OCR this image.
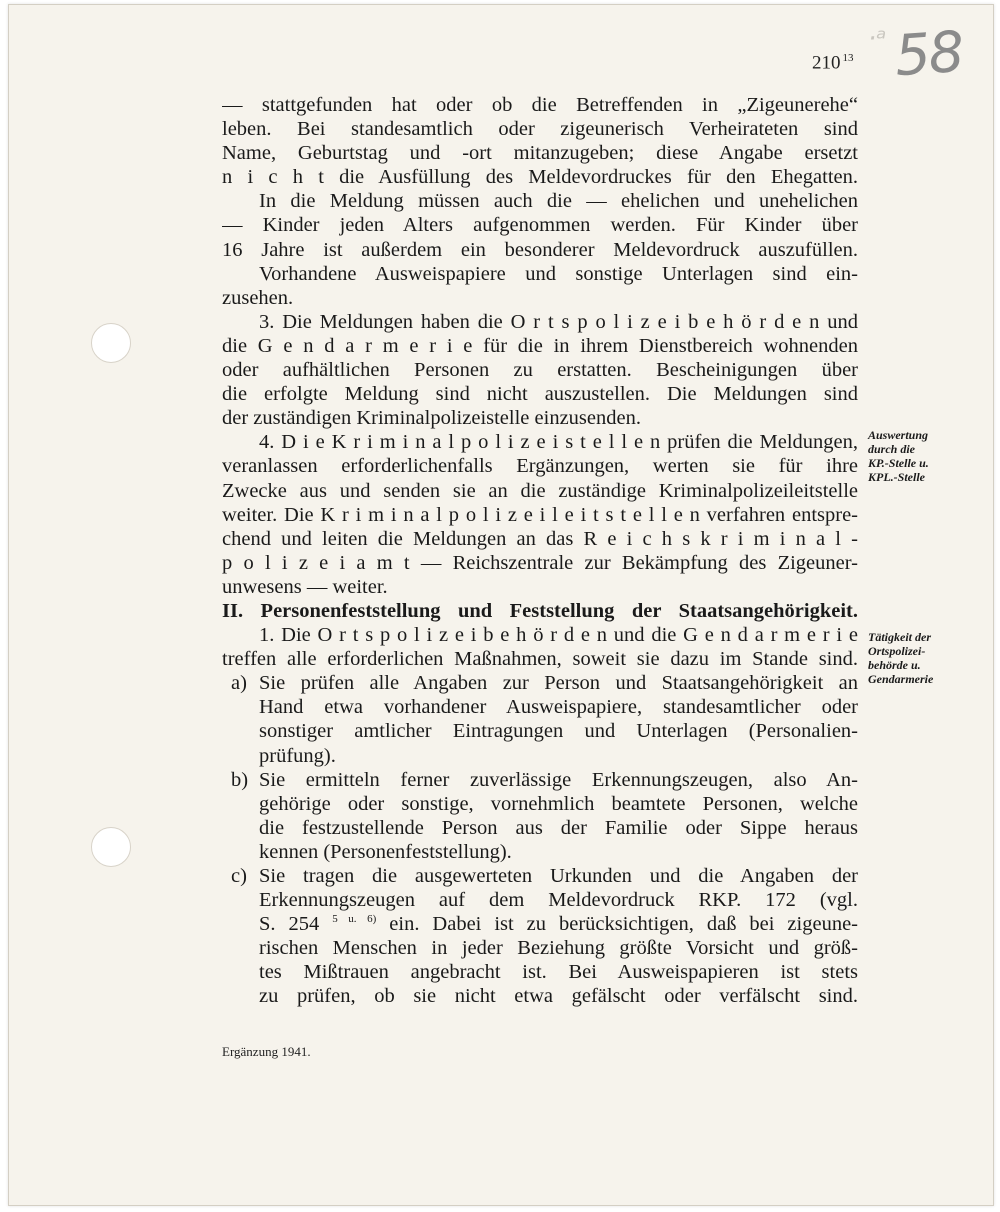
·ᵃ
210 $^{13}$ 58
— stattgefunden hat oder ob die Betreffenden in „Zigeunerehe“
leben. Bei standesamtlich oder zigeunerisch Verheirateten sind
Name, Geburtstag und -ort mitanzugeben; diese Angabe ersetzt
n i c h t die Ausfüllung des Meldevordruckes für den Ehegatten.
In die Meldung müssen auch die — ehelichen und unehelichen
— Kinder jeden Alters aufgenommen werden. Für Kinder über
16 Jahre ist außerdem ein besonderer Meldevordruck auszufüllen.
Vorhandene Ausweispapiere und sonstige Unterlagen sind ein-
zusehen.
3. Die Meldungen haben die O r t s p o l i z e i b e h ö r d e n und
die G e n d a r m e r i e für die in ihrem Dienstbereich wohnenden
oder aufhältlichen Personen zu erstatten. Bescheinigungen über
die erfolgte Meldung sind nicht auszustellen. Die Meldungen sind
der zuständigen Kriminalpolizeistelle einzusenden.
4. D i e K r i m i n a l p o l i z e i s t e l l e n prüfen die Meldungen,
veranlassen erforderlichenfalls Ergänzungen, werten sie für ihre
Zwecke aus und senden sie an die zuständige Kriminalpolizeileitstelle
weiter. Die K r i m i n a l p o l i z e i l e i t s t e l l e n verfahren entspre-
chend und leiten die Meldungen an das R e i c h s k r i m i n a l -
p o l i z e i a m t — Reichszentrale zur Bekämpfung des Zigeuner-
unwesens — weiter.
II. Personenfeststellung und Feststellung der Staatsangehörigkeit.
1. Die O r t s p o l i z e i b e h ö r d e n und die G e n d a r m e r i e
treffen alle erforderlichen Maßnahmen, soweit sie dazu im Stande sind.
a) Sie prüfen alle Angaben zur Person und Staatsangehörigkeit an
Hand etwa vorhandener Ausweispapiere, standesamtlicher oder
sonstiger amtlicher Eintragungen und Unterlagen (Personalien-
prüfung).
b) Sie ermitteln ferner zuverlässige Erkennungszeugen, also An-
gehörige oder sonstige, vornehmlich beamtete Personen, welche
die festzustellende Person aus der Familie oder Sippe heraus
kennen (Personenfeststellung).
c) Sie tragen die ausgewerteten Urkunden und die Angaben der
Erkennungszeugen auf dem Meldevordruck RKP. 172 (vgl.
S. 254 $^{5 u. 6)}$ ein. Dabei ist zu berücksichtigen, daß bei zigeune-
rischen Menschen in jeder Beziehung größte Vorsicht und größ-
tes Mißtrauen angebracht ist. Bei Ausweispapieren ist stets
zu prüfen, ob sie nicht etwa gefälscht oder verfälscht sind.
Auswertung
durch die
KP.-Stelle u.
KPL.-Stelle
Tätigkeit der
Ortspolizei-
behörde u.
Gendarmerie
Ergänzung 1941.
